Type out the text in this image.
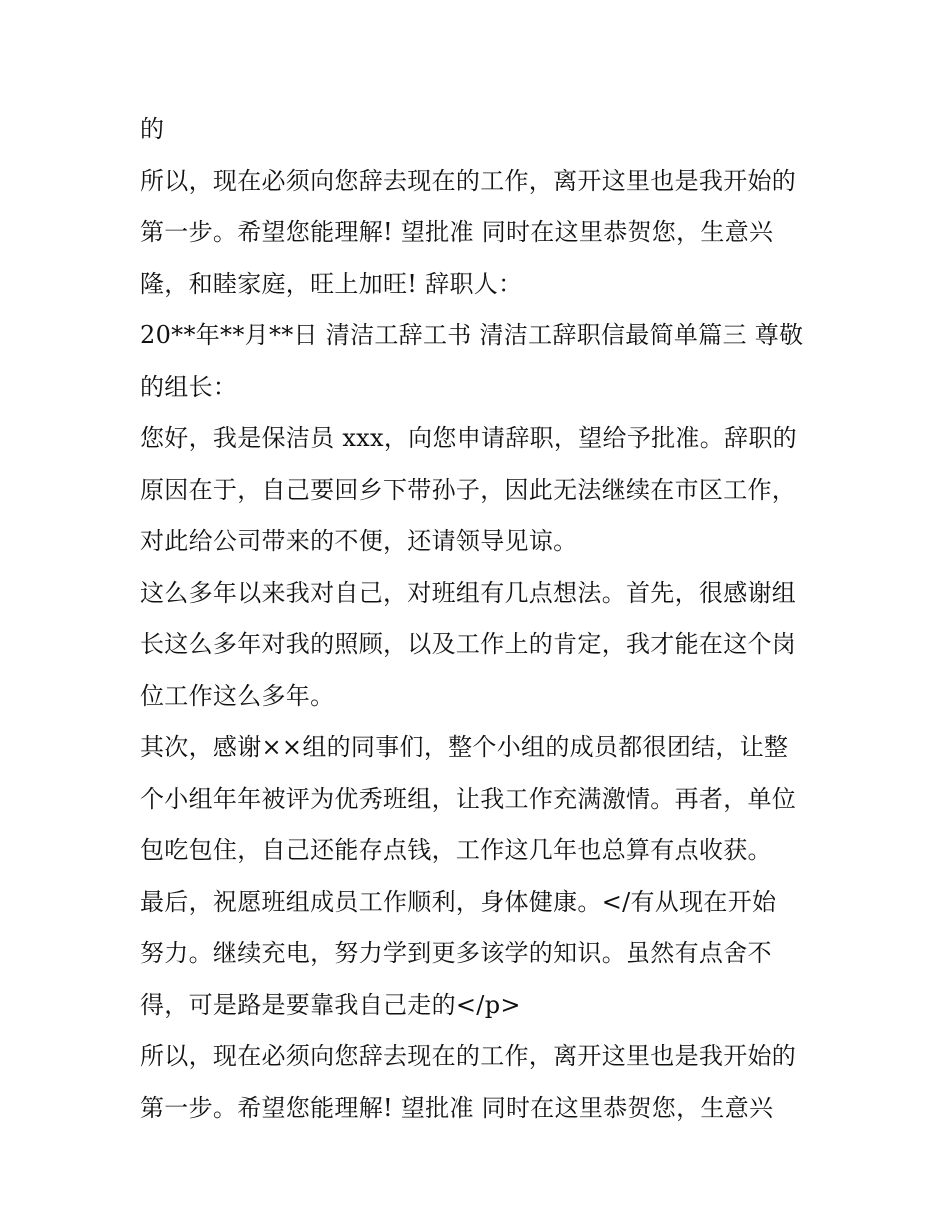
的
所以，现在必须向您辞去现在的工作，离开这里也是我开始的
第一步。希望您能理解! 望批准 同时在这里恭贺您，生意兴
隆，和睦家庭，旺上加旺! 辞职人：
20**年**月**日 清洁工辞工书 清洁工辞职信最简单篇三 尊敬
的组长：
您好，我是保洁员 xxx，向您申请辞职，望给予批准。辞职的
原因在于，自己要回乡下带孙子，因此无法继续在市区工作，
对此给公司带来的不便，还请领导见谅。
这么多年以来我对自己，对班组有几点想法。首先，很感谢组
长这么多年对我的照顾，以及工作上的肯定，我才能在这个岗
位工作这么多年。
其次，感谢××组的同事们，整个小组的成员都很团结，让整
个小组年年被评为优秀班组，让我工作充满激情。再者，单位
包吃包住，自己还能存点钱，工作这几年也总算有点收获。
最后，祝愿班组成员工作顺利，身体健康。</有从现在开始
努力。继续充电，努力学到更多该学的知识。虽然有点舍不
得，可是路是要靠我自己走的</p>
所以，现在必须向您辞去现在的工作，离开这里也是我开始的
第一步。希望您能理解! 望批准 同时在这里恭贺您，生意兴
